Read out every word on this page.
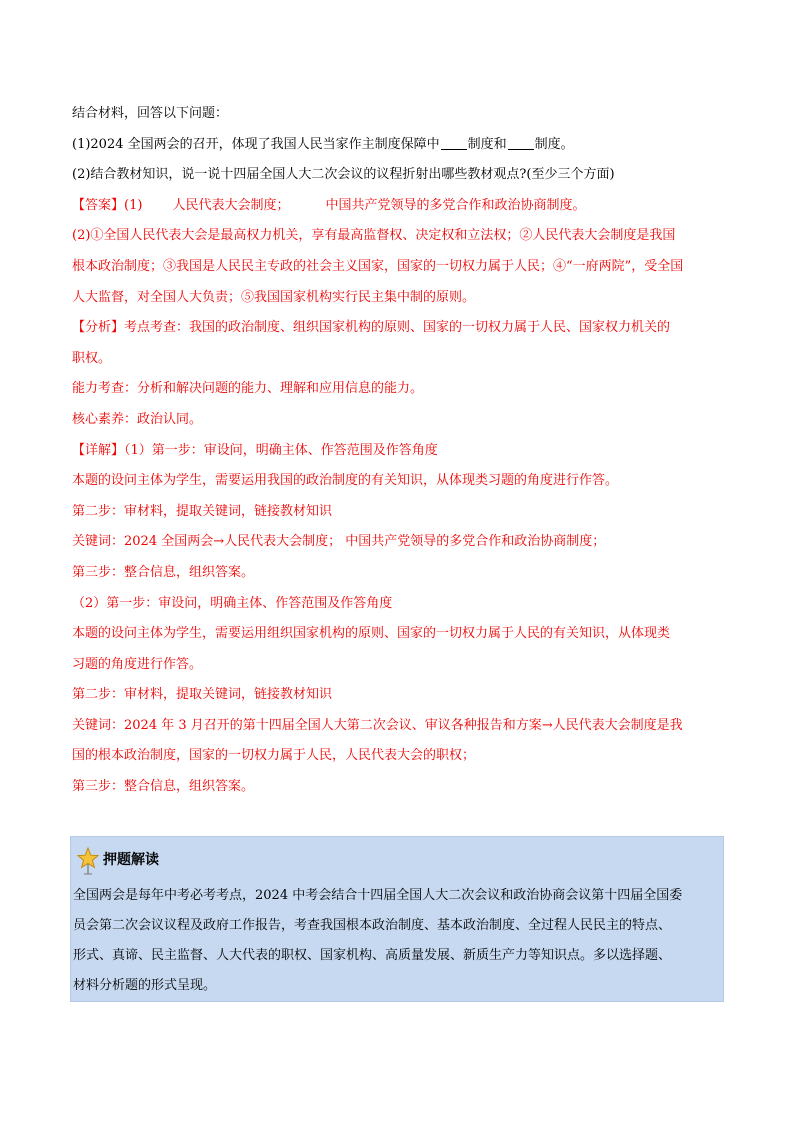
结合材料，回答以下问题：
(1)2024 全国两会的召开，体现了我国人民当家作主制度保障中 制度和 制度。
(2)结合教材知识，说一说十四届全国人大二次会议的议程折射出哪些教材观点?(至少三个方面)
【答案】(1) 人民代表大会制度；	中国共产党领导的多党合作和政治协商制度。
(2)①全国人民代表大会是最高权力机关，享有最高监督权、决定权和立法权；②人民代表大会制度是我国
根本政治制度；③我国是人民民主专政的社会主义国家，国家的一切权力属于人民；④“一府两院”，受全国
人大监督，对全国人大负责；⑤我国国家机构实行民主集中制的原则。
【分析】考点考查：我国的政治制度、组织国家机构的原则、国家的一切权力属于人民、国家权力机关的
职权。
能力考查：分析和解决问题的能力、理解和应用信息的能力。
核心素养：政治认同。
【详解】（1）第一步：审设问，明确主体、作答范围及作答角度
本题的设问主体为学生，需要运用我国的政治制度的有关知识，从体现类习题的角度进行作答。
第二步：审材料，提取关键词，链接教材知识
关键词：2024 全国两会→人民代表大会制度； 中国共产党领导的多党合作和政治协商制度；
第三步：整合信息，组织答案。
（2）第一步：审设问，明确主体、作答范围及作答角度
本题的设问主体为学生，需要运用组织国家机构的原则、国家的一切权力属于人民的有关知识，从体现类
习题的角度进行作答。
第二步：审材料，提取关键词，链接教材知识
关键词：2024 年 3 月召开的第十四届全国人大第二次会议、审议各种报告和方案→人民代表大会制度是我
国的根本政治制度，国家的一切权力属于人民，人民代表大会的职权；
第三步：整合信息，组织答案。
押题解读
全国两会是每年中考必考考点，2024 中考会结合十四届全国人大二次会议和政治协商会议第十四届全国委
员会第二次会议议程及政府工作报告，考查我国根本政治制度、基本政治制度、全过程人民民主的特点、
形式、真谛、民主监督、人大代表的职权、国家机构、高质量发展、新质生产力等知识点。多以选择题、
材料分析题的形式呈现。
